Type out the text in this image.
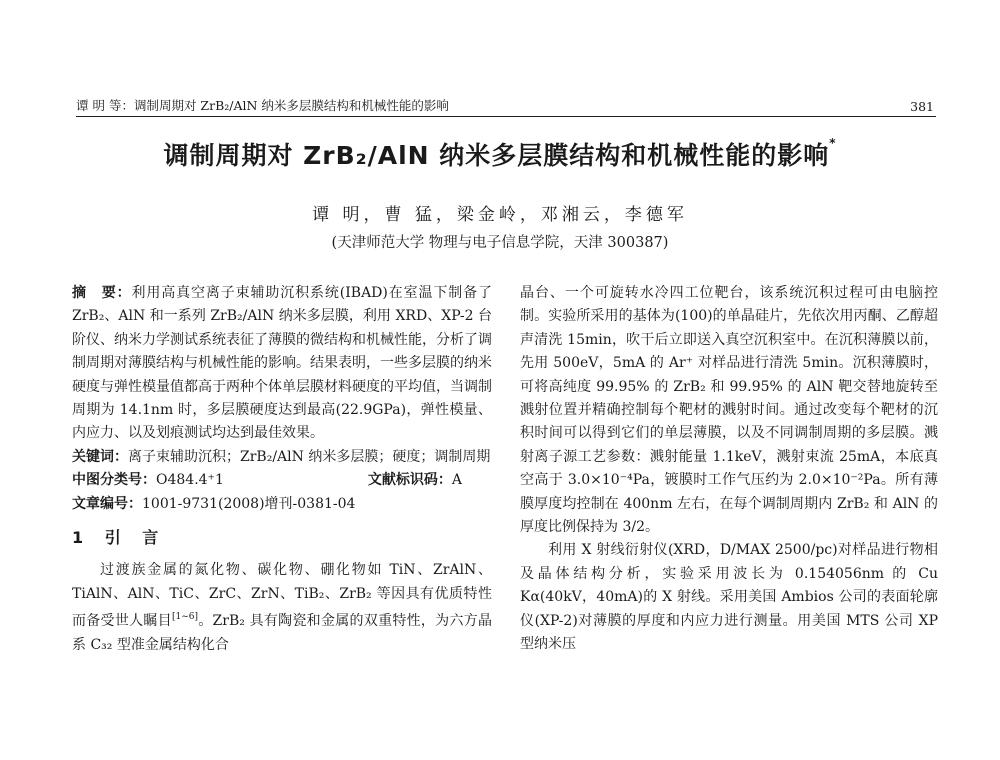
谭 明 等：调制周期对 ZrB₂/AlN 纳米多层膜结构和机械性能的影响	381
调制周期对 ZrB₂/AlN 纳米多层膜结构和机械性能的影响*
谭 明，曹 猛，梁金岭，邓湘云，李德军
(天津师范大学 物理与电子信息学院，天津 300387)

摘　要：利用高真空离子束辅助沉积系统(IBAD)在室温下制备了 ZrB₂、AlN 和一系列 ZrB₂/AlN 纳米多层膜，利用 XRD、XP-2 台阶仪、纳米力学测试系统表征了薄膜的微结构和机械性能，分析了调制周期对薄膜结构与机械性能的影响。结果表明，一些多层膜的纳米硬度与弹性模量值都高于两种个体单层膜材料硬度的平均值，当调制周期为 14.1nm 时，多层膜硬度达到最高(22.9GPa)，弹性模量、内应力、以及划痕测试均达到最佳效果。

关键词：离子束辅助沉积；ZrB₂/AlN 纳米多层膜；硬度；调制周期

中图分类号：O484.4⁺1	文献标识码：A

文章编号：1001-9731(2008)增刊-0381-04

1 引 言

过渡族金属的氮化物、碳化物、硼化物如 TiN、ZrAlN、TiAlN、AlN、TiC、ZrC、ZrN、TiB₂、ZrB₂ 等因具有优质特性而备受世人瞩目[1~6]。ZrB₂ 具有陶瓷和金属的双重特性，为六方晶系 C₃₂ 型准金属结构化合

晶台、一个可旋转水冷四工位靶台，该系统沉积过程可由电脑控制。实验所采用的基体为(100)的单晶硅片，先依次用丙酮、乙醇超声清洗 15min，吹干后立即送入真空沉积室中。在沉积薄膜以前，先用 500eV，5mA 的 Ar⁺ 对样品进行清洗 5min。沉积薄膜时，可将高纯度 99.95% 的 ZrB₂ 和 99.95% 的 AlN 靶交替地旋转至溅射位置并精确控制每个靶材的溅射时间。通过改变每个靶材的沉积时间可以得到它们的单层薄膜，以及不同调制周期的多层膜。溅射离子源工艺参数：溅射能量 1.1keV，溅射束流 25mA，本底真空高于 3.0×10⁻⁴Pa，镀膜时工作气压约为 2.0×10⁻²Pa。所有薄膜厚度均控制在 400nm 左右，在每个调制周期内 ZrB₂ 和 AlN 的厚度比例保持为 3/2。

利用 X 射线衍射仪(XRD，D/MAX 2500/pc)对样品进行物相及晶体结构分析，实验采用波长为 0.154056nm 的 Cu Kα(40kV，40mA)的 X 射线。采用美国 Ambios 公司的表面轮廓仪(XP-2)对薄膜的厚度和内应力进行测量。用美国 MTS 公司 XP 型纳米压
